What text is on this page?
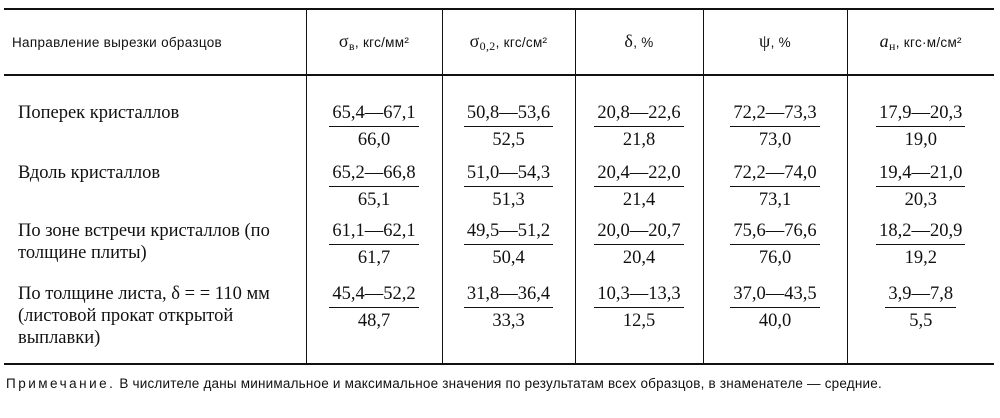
Направление вырезки образцов	$\sigma_в$, кгс/мм²	$\sigma_{0,2}$, кгс/см²	δ, %	ψ, %	$a_н$, кгс·м/см²
Поперек кристаллов	$\frac{65,4—67,1}{66,0}$	$\frac{50,8—53,6}{52,5}$	$\frac{20,8—22,6}{21,8}$	$\frac{72,2—73,3}{73,0}$	$\frac{17,9—20,3}{19,0}$

Вдоль кристаллов	$\frac{65,2—66,8}{65,1}$	$\frac{51,0—54,3}{51,3}$	$\frac{20,4—22,0}{21,4}$	$\frac{72,2—74,0}{73,1}$	$\frac{19,4—21,0}{20,3}$

По зоне встречи кристаллов (по толщине плиты)	$\frac{61,1—62,1}{61,7}$	$\frac{49,5—51,2}{50,4}$	$\frac{20,0—20,7}{20,4}$	$\frac{75,6—76,6}{76,0}$	$\frac{18,2—20,9}{19,2}$

По толщине листа, δ = = 110 мм (листовой прокат открытой выплавки)	$\frac{45,4—52,2}{48,7}$	$\frac{31,8—36,4}{33,3}$	$\frac{10,3—13,3}{12,5}$	$\frac{37,0—43,5}{40,0}$	$\frac{3,9—7,8}{5,5}$
Примечание. В числителе даны минимальное и максимальное значения по результатам всех образцов, в знаменателе — средние.
